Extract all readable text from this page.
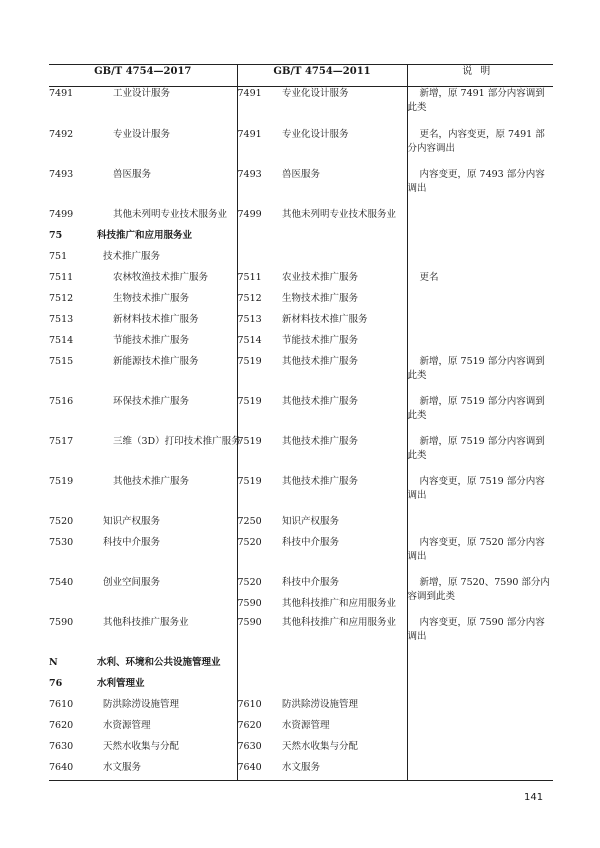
GB/T 4754—2017		GB/T 4754—2011		说明
7491	工业设计服务	7491	专业化设计服务	新增，原 7491 部分内容调到此类
7492	专业设计服务	7491	专业化设计服务	更名，内容变更，原 7491 部分内容调出
7493	兽医服务	7493	兽医服务	内容变更，原 7493 部分内容调出
7499	其他未列明专业技术服务业	7499	其他未列明专业技术服务业	
75	科技推广和应用服务业			
751	技术推广服务			
7511	农林牧渔技术推广服务	7511	农业技术推广服务	更名
7512	生物技术推广服务	7512	生物技术推广服务	
7513	新材料技术推广服务	7513	新材料技术推广服务	
7514	节能技术推广服务	7514	节能技术推广服务	
7515	新能源技术推广服务	7519	其他技术推广服务	新增，原 7519 部分内容调到此类
7516	环保技术推广服务	7519	其他技术推广服务	新增，原 7519 部分内容调到此类
7517	三维（3D）打印技术推广服务	7519	其他技术推广服务	新增，原 7519 部分内容调到此类
7519	其他技术推广服务	7519	其他技术推广服务	内容变更，原 7519 部分内容调出
7520	知识产权服务	7250	知识产权服务	
7530	科技中介服务	7520	科技中介服务	内容变更，原 7520 部分内容调出
7540	创业空间服务	7520	科技中介服务	新增，原 7520、7590 部分内容调到此类
		7590	其他科技推广和应用服务业	
7590	其他科技推广服务业	7590	其他科技推广和应用服务业	内容变更，原 7590 部分内容调出
N	水利、环境和公共设施管理业			
76	水利管理业			
7610	防洪除涝设施管理	7610	防洪除涝设施管理	
7620	水资源管理	7620	水资源管理	
7630	天然水收集与分配	7630	天然水收集与分配	
7640	水文服务	7640	水文服务	
141
